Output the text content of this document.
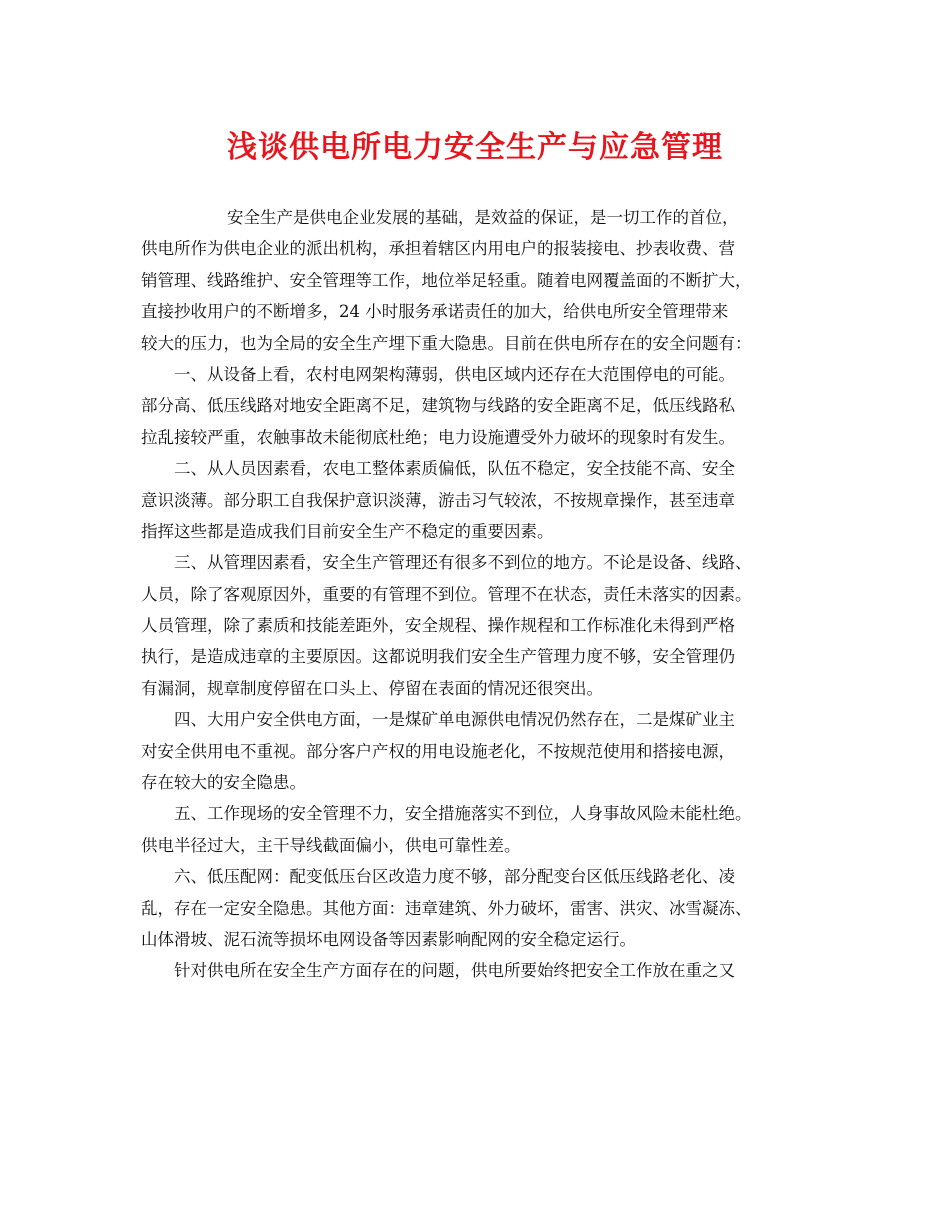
浅谈供电所电力安全生产与应急管理
安全生产是供电企业发展的基础，是效益的保证，是一切工作的首位，
供电所作为供电企业的派出机构，承担着辖区内用电户的报装接电、抄表收费、营
销管理、线路维护、安全管理等工作，地位举足轻重。随着电网覆盖面的不断扩大，
直接抄收用户的不断增多，24 小时服务承诺责任的加大，给供电所安全管理带来
较大的压力，也为全局的安全生产埋下重大隐患。目前在供电所存在的安全问题有：
一、从设备上看，农村电网架构薄弱，供电区域内还存在大范围停电的可能。
部分高、低压线路对地安全距离不足，建筑物与线路的安全距离不足，低压线路私
拉乱接较严重，农触事故未能彻底杜绝；电力设施遭受外力破坏的现象时有发生。
二、从人员因素看，农电工整体素质偏低，队伍不稳定，安全技能不高、安全
意识淡薄。部分职工自我保护意识淡薄，游击习气较浓，不按规章操作，甚至违章
指挥这些都是造成我们目前安全生产不稳定的重要因素。
三、从管理因素看，安全生产管理还有很多不到位的地方。不论是设备、线路、
人员，除了客观原因外，重要的有管理不到位。管理不在状态，责任未落实的因素。
人员管理，除了素质和技能差距外，安全规程、操作规程和工作标准化未得到严格
执行，是造成违章的主要原因。这都说明我们安全生产管理力度不够，安全管理仍
有漏洞，规章制度停留在口头上、停留在表面的情况还很突出。
四、大用户安全供电方面，一是煤矿单电源供电情况仍然存在，二是煤矿业主
对安全供用电不重视。部分客户产权的用电设施老化，不按规范使用和搭接电源，
存在较大的安全隐患。
五、工作现场的安全管理不力，安全措施落实不到位，人身事故风险未能杜绝。
供电半径过大，主干导线截面偏小，供电可靠性差。
六、低压配网：配变低压台区改造力度不够，部分配变台区低压线路老化、凌
乱，存在一定安全隐患。其他方面：违章建筑、外力破坏，雷害、洪灾、冰雪凝冻、
山体滑坡、泥石流等损坏电网设备等因素影响配网的安全稳定运行。
针对供电所在安全生产方面存在的问题，供电所要始终把安全工作放在重之又
